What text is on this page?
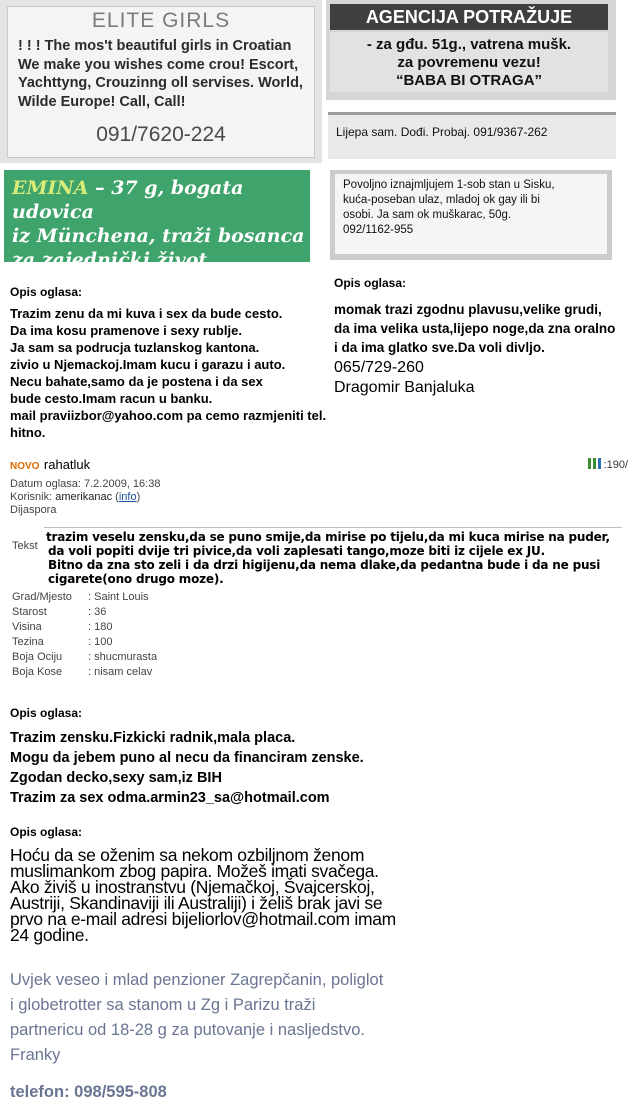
ELITE GIRLS
! ! ! The mos't beautiful girls in Croatian
We make you wishes come crou! Escort,
Yachttyng, Crouzinng oll servises. World,
Wilde Europe! Call, Call!
091/7620-224
AGENCIJA POTRAŽUJE
- za gđu. 51g., vatrena mušk.
za povremenu vezu!
“BABA BI OTRAGA”
Lijepa sam. Dođi. Probaj. 091/9367-262
EMINA – 37 g, bogata udovica
iz Münchena, traži bosanca
za zajednički život.
Povoljno iznajmljujem 1-sob stan u Sisku,
kuća-poseban ulaz, mladoj ok gay ili bi
osobi. Ja sam ok muškarac, 50g.
092/1162-955
Opis oglasa:
Trazim zenu da mi kuva i sex da bude cesto.
Da ima kosu pramenove i sexy rublje.
Ja sam sa podrucja tuzlanskog kantona.
zivio u Njemackoj.Imam kucu i garazu i auto.
Necu bahate,samo da je postena i da sex
bude cesto.Imam racun u banku.
mail praviizbor@yahoo.com pa cemo razmjeniti tel.
hitno.
Opis oglasa:
momak trazi zgodnu plavusu,velike grudi,
da ima velika usta,lijepo noge,da zna oralno
i da ima glatko sve.Da voli divljo.
065/729-260
Dragomir Banjaluka
NOVO rahatluk	:190/
Datum oglasa: 7.2.2009, 16:38
Korisnik: amerikanac (info)
Dijaspora
Tekst
trazim veselu zensku,da se puno smije,da mirise po tijelu,da mi kuca mirise na puder,
da voli popiti dvije tri pivice,da voli zaplesati tango,moze biti iz cijele ex JU.
Bitno da zna sto zeli i da drzi higijenu,da nema dlake,da pedantna bude i da ne pusi
cigarete(ono drugo moze).
Grad/Mjesto	: Saint Louis
Starost	: 36
Visina	: 180
Tezina	: 100
Boja Ociju	: shucmurasta
Boja Kose	: nisam celav
Opis oglasa:
Trazim zensku.Fizkicki radnik,mala placa.
Mogu da jebem puno al necu da financiram zenske.
Zgodan decko,sexy sam,iz BIH
Trazim za sex odma.armin23_sa@hotmail.com
Opis oglasa:
Hoću da se oženim sa nekom ozbiljnom ženom
muslimankom zbog papira. Možeš imati svačega.
Ako živiš u inostranstvu (Njemačkoj, Švajcerskoj,
Austriji, Skandinaviji ili Australiji) i želiš brak javi se
prvo na e-mail adresi bijeliorlov@hotmail.com imam
24 godine.
Uvjek veseo i mlad penzioner Zagrepčanin, poliglot
i globetrotter sa stanom u Zg i Parizu traži
partnericu od 18-28 g za putovanje i nasljedstvo.
Franky
telefon: 098/595-808
